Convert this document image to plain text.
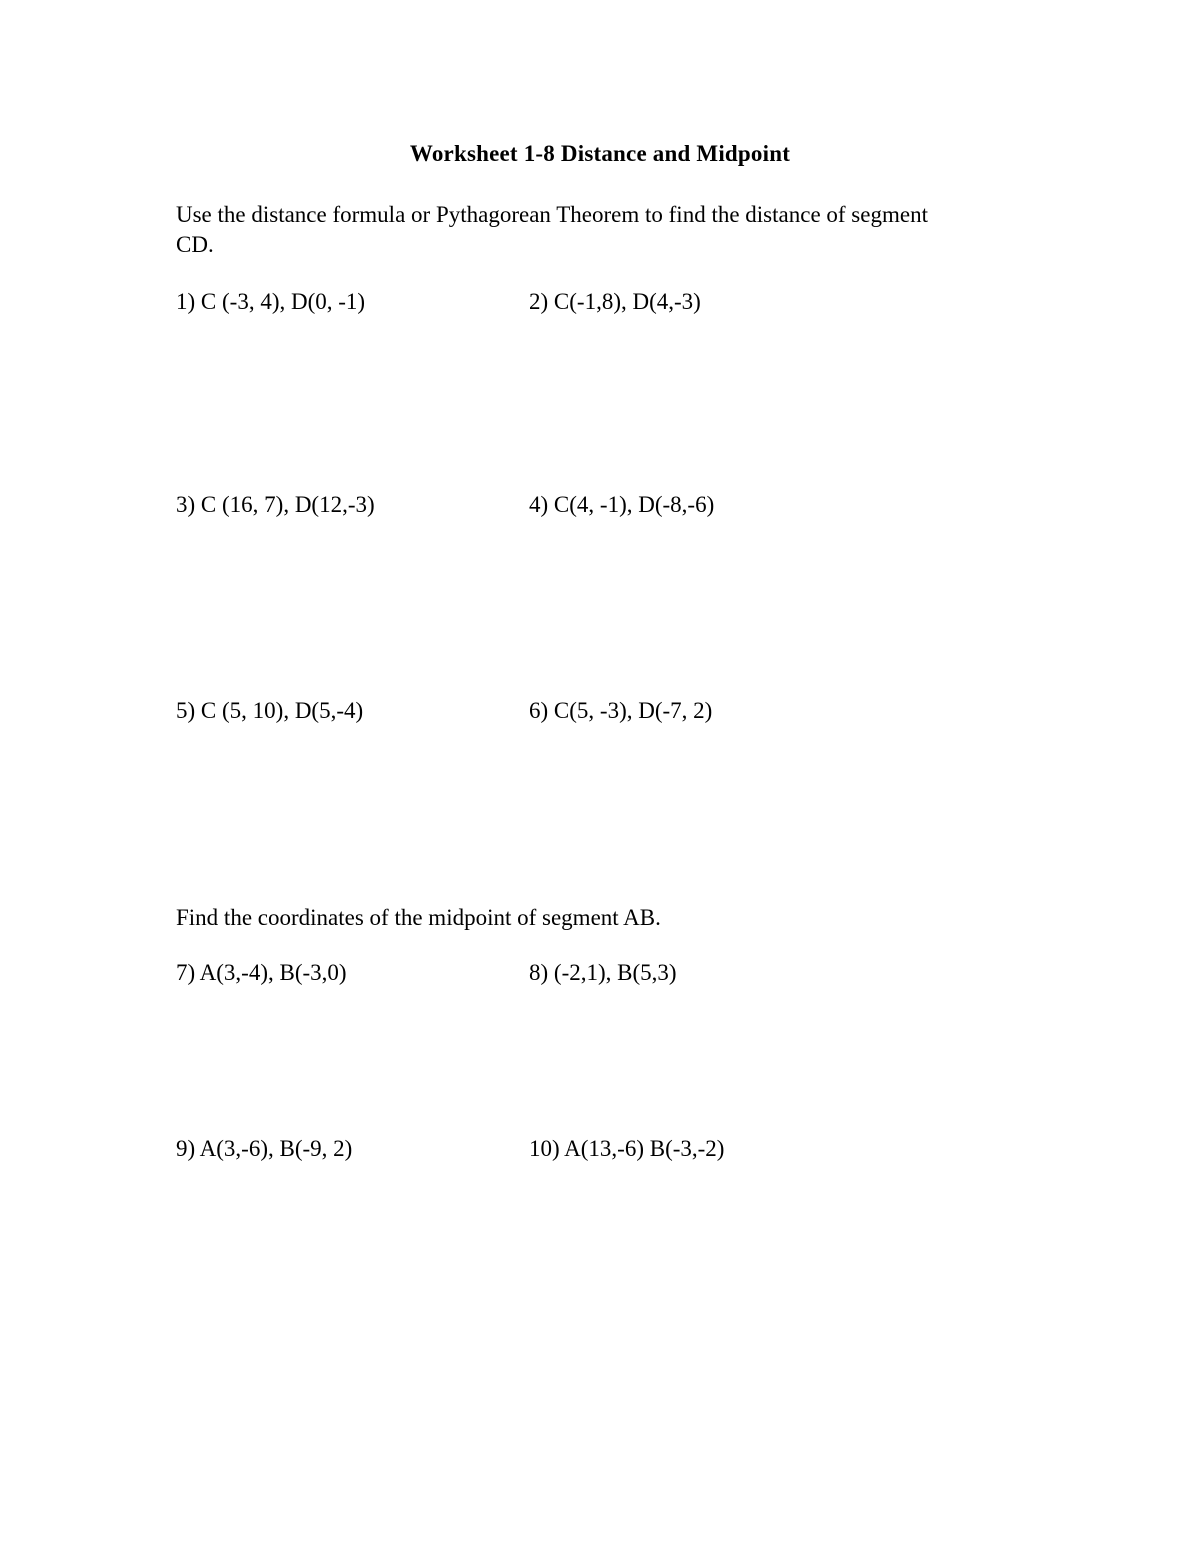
Worksheet 1-8 Distance and Midpoint
Use the distance formula or Pythagorean Theorem to find the distance of segment CD.
1) C (-3, 4), D(0, -1)	2) C(-1,8), D(4,-3)
3) C (16, 7), D(12,-3)	4) C(4, -1), D(-8,-6)
5) C (5, 10), D(5,-4)	6) C(5, -3), D(-7, 2)
Find the coordinates of the midpoint of segment AB.
7) A(3,-4), B(-3,0)	8) (-2,1), B(5,3)
9) A(3,-6), B(-9, 2)	10) A(13,-6) B(-3,-2)
